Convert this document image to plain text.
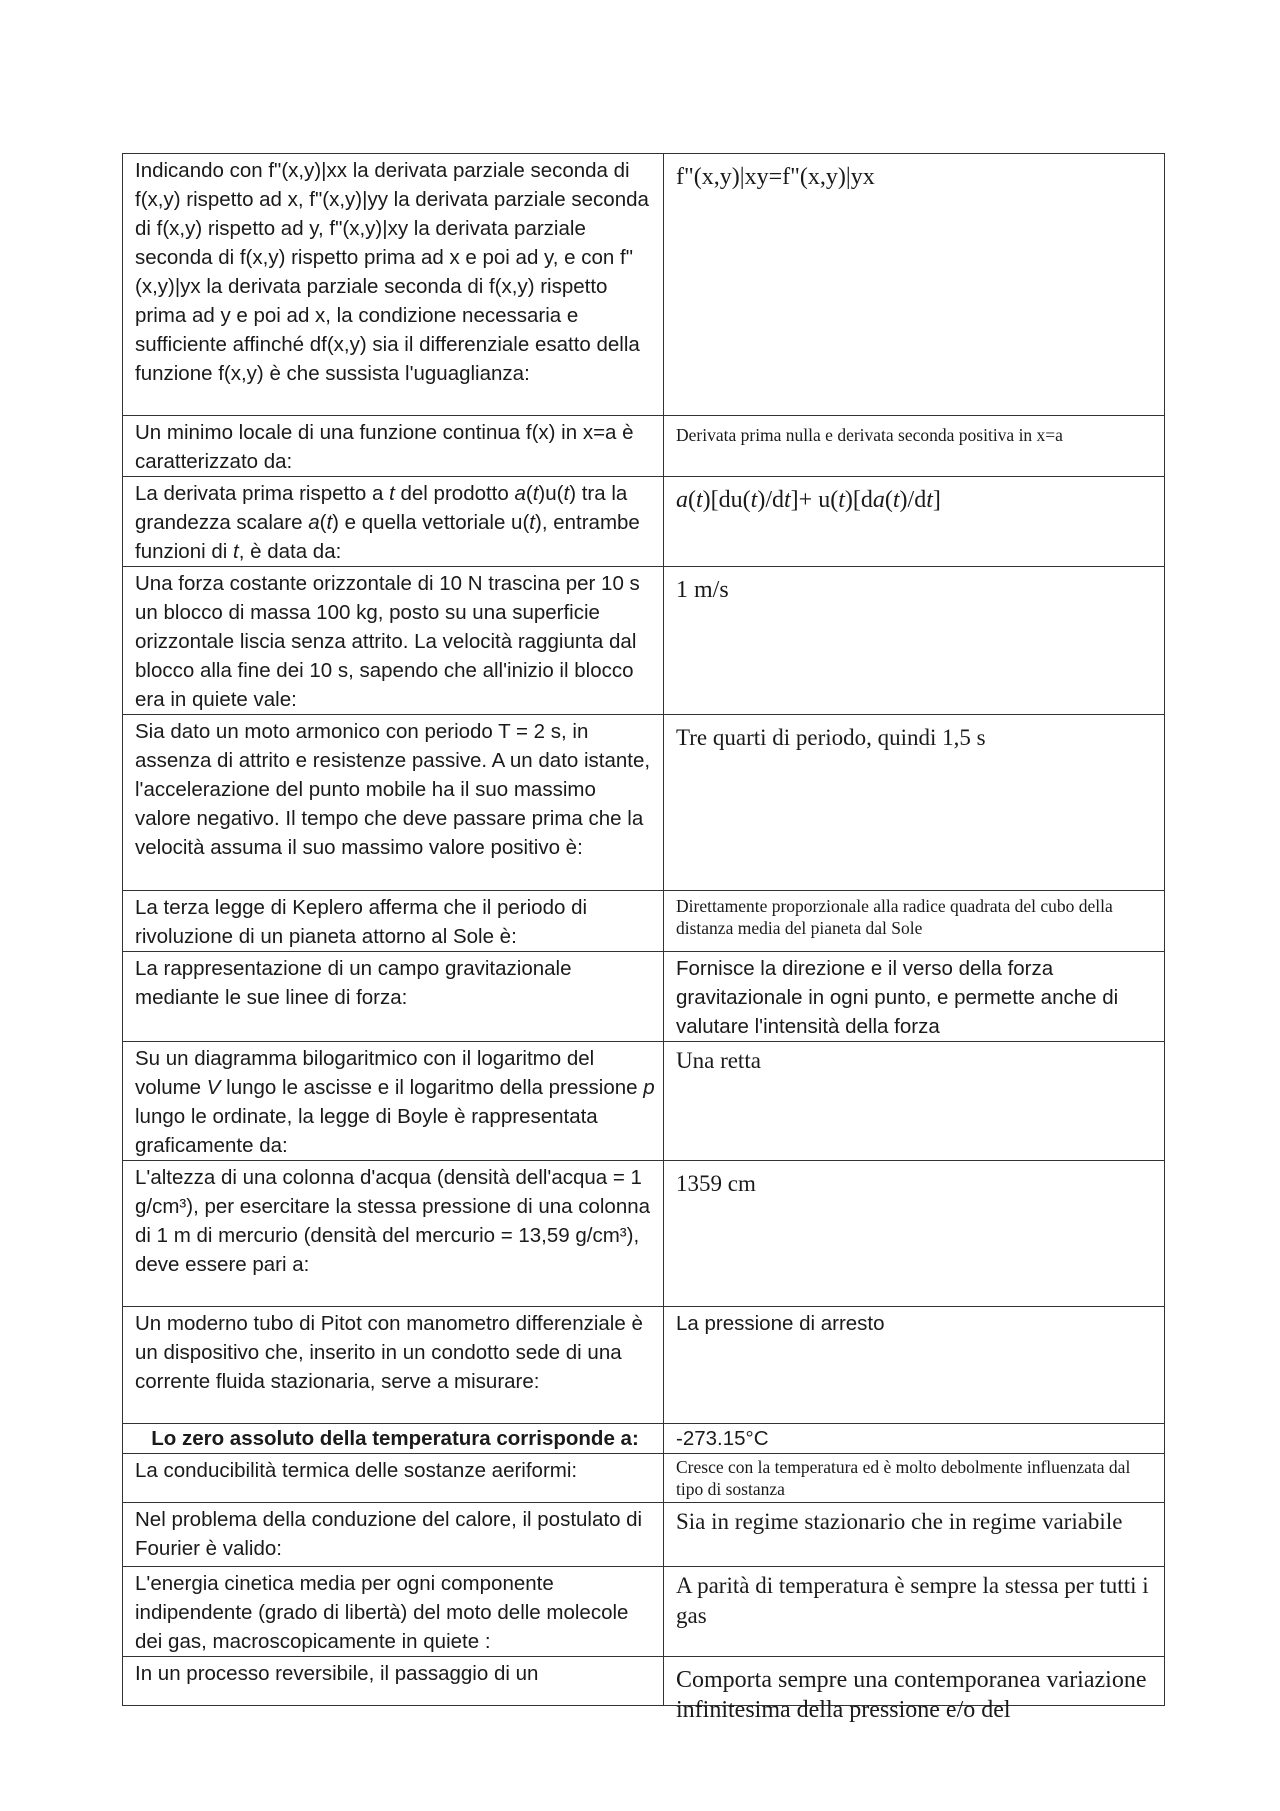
Indicando con f"(x,y)|xx la derivata parziale seconda di f(x,y) rispetto ad x, f"(x,y)|yy la derivata parziale seconda di f(x,y) rispetto ad y, f"(x,y)|xy la derivata parziale seconda di f(x,y) rispetto prima ad x e poi ad y, e con f"(x,y)|yx la derivata parziale seconda di f(x,y) rispetto prima ad y e poi ad x, la condizione necessaria e sufficiente affinché df(x,y) sia il differenziale esatto della funzione f(x,y) è che sussista l'uguaglianza:	f"(x,y)|xy=f"(x,y)|yx

Un minimo locale di una funzione continua f(x) in x=a è caratterizzato da:	Derivata prima nulla e derivata seconda positiva in x=a

La derivata prima rispetto a t del prodotto a(t)u(t) tra la grandezza scalare a(t) e quella vettoriale u(t), entrambe funzioni di t, è data da:	a(t)[du(t)/dt]+ u(t)[da(t)/dt]

Una forza costante orizzontale di 10 N trascina per 10 s un blocco di massa 100 kg, posto su una superficie orizzontale liscia senza attrito. La velocità raggiunta dal blocco alla fine dei 10 s, sapendo che all'inizio il blocco era in quiete vale:	1 m/s

Sia dato un moto armonico con periodo T = 2 s, in assenza di attrito e resistenze passive. A un dato istante, l'accelerazione del punto mobile ha il suo massimo valore negativo. Il tempo che deve passare prima che la velocità assuma il suo massimo valore positivo è:	Tre quarti di periodo, quindi 1,5 s

La terza legge di Keplero afferma che il periodo di rivoluzione di un pianeta attorno al Sole è:	Direttamente proporzionale alla radice quadrata del cubo della distanza media del pianeta dal Sole

La rappresentazione di un campo gravitazionale mediante le sue linee di forza:	Fornisce la direzione e il verso della forza gravitazionale in ogni punto, e permette anche di valutare l'intensità della forza

Su un diagramma bilogaritmico con il logaritmo del volume V lungo le ascisse e il logaritmo della pressione p lungo le ordinate, la legge di Boyle è rappresentata graficamente da:	Una retta

L'altezza di una colonna d'acqua (densità dell'acqua = 1 g/cm³), per esercitare la stessa pressione di una colonna di 1 m di mercurio (densità del mercurio = 13,59 g/cm³), deve essere pari a:	1359 cm

Un moderno tubo di Pitot con manometro differenziale è un dispositivo che, inserito in un condotto sede di una corrente fluida stazionaria, serve a misurare:	La pressione di arresto

Lo zero assoluto della temperatura corrisponde a:	-273.15°C

La conducibilità termica delle sostanze aeriformi:	Cresce con la temperatura ed è molto debolmente influenzata dal tipo di sostanza

Nel problema della conduzione del calore, il postulato di Fourier è valido:	Sia in regime stazionario che in regime variabile

L'energia cinetica media per ogni componente indipendente (grado di libertà) del moto delle molecole dei gas, macroscopicamente in quiete :	A parità di temperatura è sempre la stessa per tutti i gas

In un processo reversibile, il passaggio di un	Comporta sempre una contemporanea variazione infinitesima della pressione e/o del
